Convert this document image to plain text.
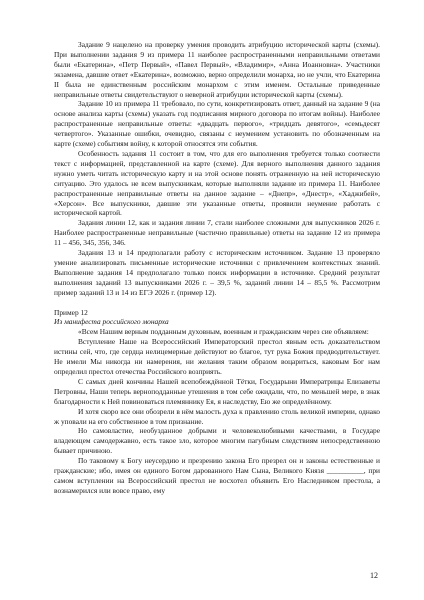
Задание 9 нацелено на проверку умения проводить атрибуцию исторической карты (схемы). При выполнении задания 9 из примера 11 наиболее распространенными неправильными ответами были «Екатерина», «Петр Первый», «Павел Первый», «Владимир», «Анна Иоанновна». Участники экзамена, давшие ответ «Екатерина», возможно, верно определили монарха, но не учли, что Екатерина II была не единственным российским монархом с этим именем. Остальные приведенные неправильные ответы свидетельствуют о неверной атрибуции исторической карты (схемы).

Задание 10 из примера 11 требовало, по сути, конкретизировать ответ, данный на задание 9 (на основе анализа карты (схемы) указать год подписания мирного договора по итогам войны). Наиболее распространенные неправильные ответы: «двадцать первого», «тридцать девятого», «семьдесят четвертого». Указанные ошибки, очевидно, связаны с неумением установить по обозначенным на карте (схеме) событиям войну, к которой относятся эти события.

Особенность задания 11 состоит в том, что для его выполнения требуется только соотнести текст с информацией, представленной на карте (схеме). Для верного выполнения данного задания нужно уметь читать историческую карту и на этой основе понять отраженную на ней историческую ситуацию. Это удалось не всем выпускникам, которые выполняли задание из примера 11. Наиболее распространенные неправильные ответы на данное задание – «Днепр», «Днестр», «Хаджибей», «Херсон». Все выпускники, давшие эти указанные ответы, проявили неумение работать с исторической картой.

Задания линии 12, как и задания линии 7, стали наиболее сложными для выпускников 2026 г. Наиболее распространенные неправильные (частично правильные) ответы на задание 12 из примера 11 – 456, 345, 356, 346.

Задания 13 и 14 предполагали работу с историческим источником. Задание 13 проверяло умение анализировать письменные исторические источники с привлечением контекстных знаний. Выполнение задания 14 предполагало только поиск информации в источнике. Средний результат выполнения заданий 13 выпускниками 2026 г. – 39,5 %, заданий линии 14 – 85,5 %. Рассмотрим пример заданий 13 и 14 из ЕГЭ 2026 г. (пример 12).

Пример 12

Из манифеста российского монарха

«Всем Нашим верным подданным духовным, военным и гражданским через сие объявляем:

Вступление Наше на Всероссийский Императорский престол явным есть доказательством истины сей, что, где сердца нелицемерные действуют во благое, тут рука Божия предводительствует. Не имели Мы никогда ни намерения, ни желания таким образом воцариться, каковым Бог нам определил престол отечества Российского возприять.

С самых дней кончины Нашей всепобеждённой Тётки, Государыни Императрицы Елизаветы Петровны, Наши теперь верноподданные утешения в том себе ожидали, что, по меньшей мере, в знак благодарности к Ней повиноваться племяннику Ея, я наследству, Ею же определённому.

И хотя скоро все они обозрели в нём малость духа к правлению столь великой империи, однако ж уповали на его собственное в том признание.

Но самовластие, необузданное добрыми и человеколюбивыми качествами, в Государе владеющем самодержавно, есть такое зло, которое многим пагубным следствиям непосредственною бывает причиною.

По таковому к Богу неусердию и презрению закона Его презрел он и законы естественные и гражданские; ибо, имея он единого Богом дарованного Нам Сына, Великого Князя __________, при самом вступлении на Всероссийский престол не восхотел объявить Его Наследником престола, а вознамерился или вовсе право, ему

12
